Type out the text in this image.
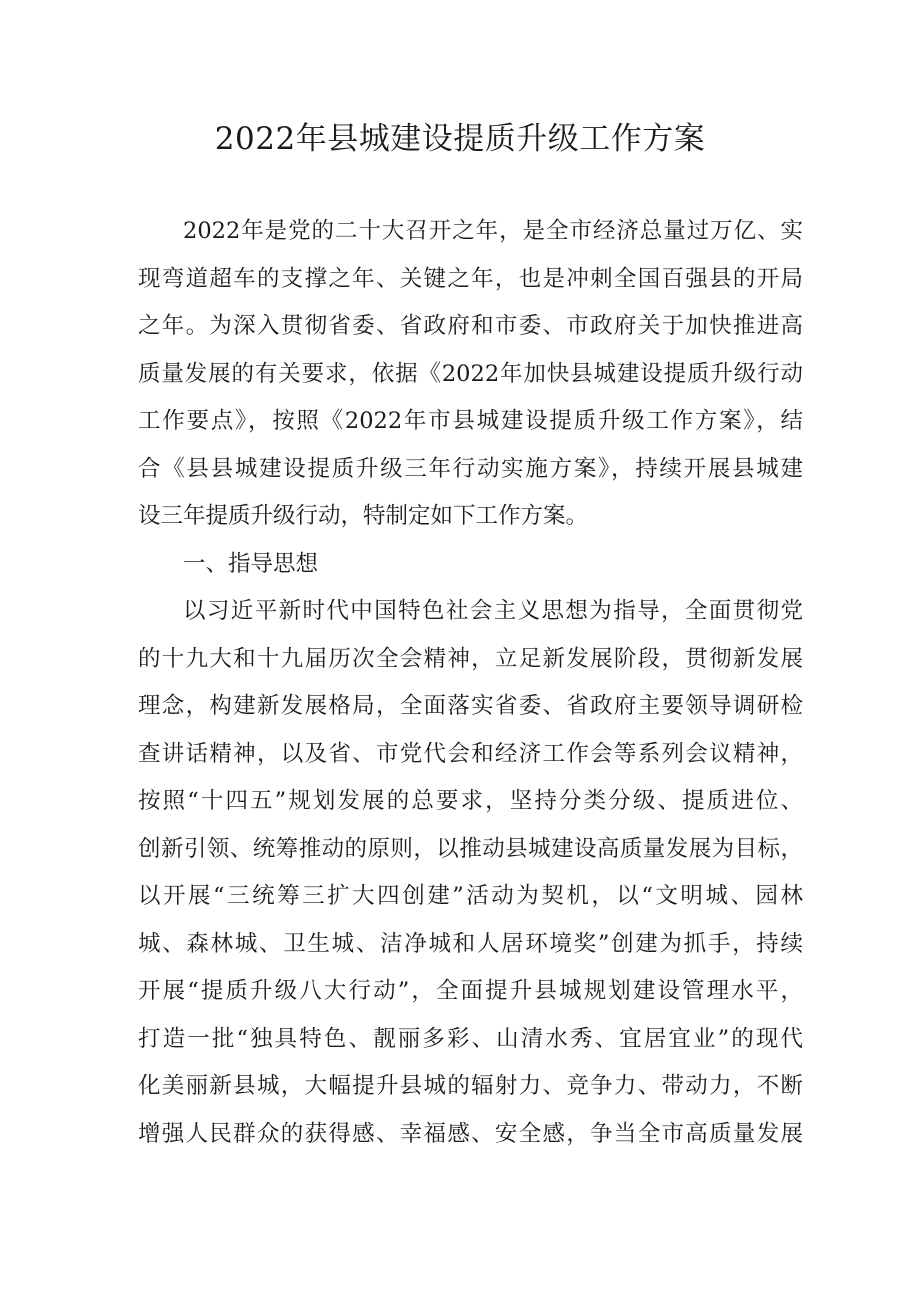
2022年县城建设提质升级工作方案

2022年是党的二十大召开之年，是全市经济总量过万亿、实
现弯道超车的支撑之年、关键之年，也是冲刺全国百强县的开局
之年。为深入贯彻省委、省政府和市委、市政府关于加快推进高
质量发展的有关要求，依据《2022年加快县城建设提质升级行动
工作要点》，按照《2022年市县城建设提质升级工作方案》，结
合《县县城建设提质升级三年行动实施方案》，持续开展县城建
设三年提质升级行动，特制定如下工作方案。

一、指导思想

以习近平新时代中国特色社会主义思想为指导，全面贯彻党
的十九大和十九届历次全会精神，立足新发展阶段，贯彻新发展
理念，构建新发展格局，全面落实省委、省政府主要领导调研检
查讲话精神，以及省、市党代会和经济工作会等系列会议精神，
按照“十四五”规划发展的总要求，坚持分类分级、提质进位、
创新引领、统筹推动的原则，以推动县城建设高质量发展为目标，
以开展“三统筹三扩大四创建”活动为契机，以“文明城、园林
城、森林城、卫生城、洁净城和人居环境奖”创建为抓手，持续
开展“提质升级八大行动”，全面提升县城规划建设管理水平，
打造一批“独具特色、靓丽多彩、山清水秀、宜居宜业”的现代
化美丽新县城，大幅提升县城的辐射力、竞争力、带动力，不断
增强人民群众的获得感、幸福感、安全感，争当全市高质量发展
